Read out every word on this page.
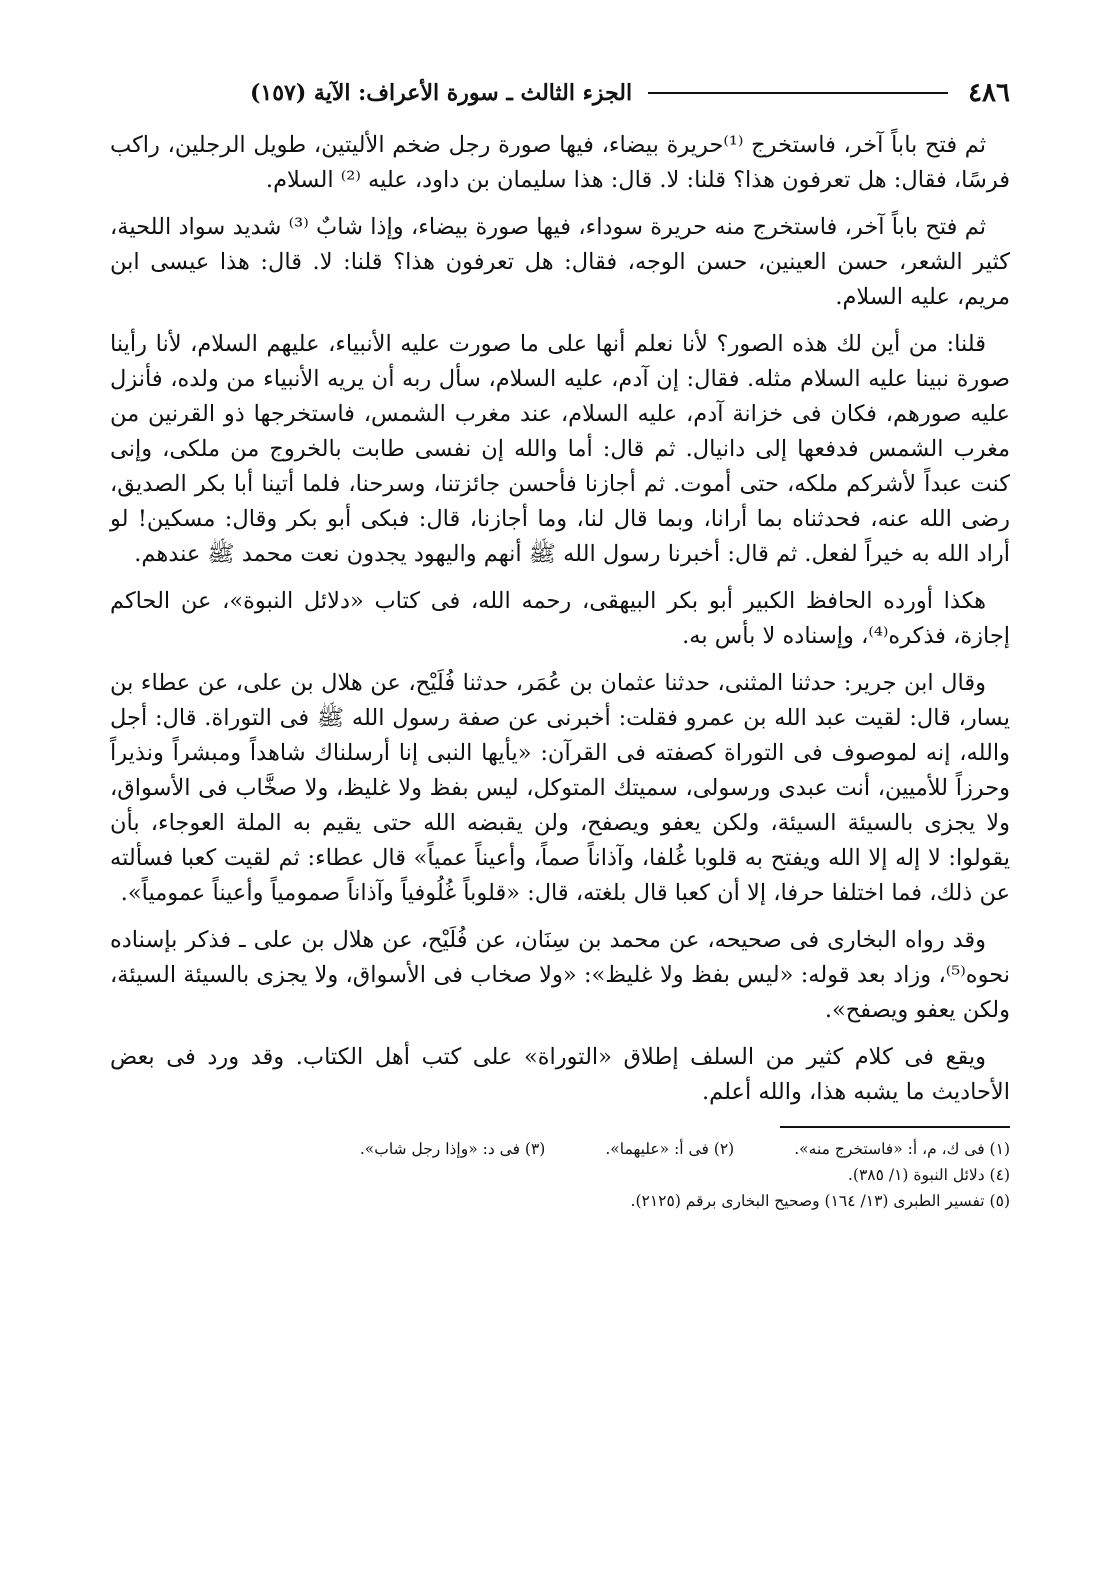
٤٨٦
الجزء الثالث ـ سورة الأعراف: الآية (١٥٧)

ثم فتح باباً آخر، فاستخرج ⁽¹⁾حريرة بيضاء، فيها صورة رجل ضخم الأليتين، طويل الرجلين، راكب فرسًا، فقال: هل تعرفون هذا؟ قلنا: لا. قال: هذا سليمان بن داود، عليه ⁽²⁾ السلام.

ثم فتح باباً آخر، فاستخرج منه حريرة سوداء، فيها صورة بيضاء، وإذا شابٌ ⁽³⁾ شديد سواد اللحية، كثير الشعر، حسن العينين، حسن الوجه، فقال: هل تعرفون هذا؟ قلنا: لا. قال: هذا عيسى ابن مريم، عليه السلام.

قلنا: من أين لك هذه الصور؟ لأنا نعلم أنها على ما صورت عليه الأنبياء، عليهم السلام، لأنا رأينا صورة نبينا عليه السلام مثله. فقال: إن آدم، عليه السلام، سأل ربه أن يريه الأنبياء من ولده، فأنزل عليه صورهم، فكان فى خزانة آدم، عليه السلام، عند مغرب الشمس، فاستخرجها ذو القرنين من مغرب الشمس فدفعها إلى دانيال. ثم قال: أما والله إن نفسى طابت بالخروج من ملكى، وإنى كنت عبداً لأشركم ملكه، حتى أموت. ثم أجازنا فأحسن جائزتنا، وسرحنا، فلما أتينا أبا بكر الصديق، رضى الله عنه، فحدثناه بما أرانا، وبما قال لنا، وما أجازنا، قال: فبكى أبو بكر وقال: مسكين! لو أراد الله به خيراً لفعل. ثم قال: أخبرنا رسول الله ﷺ أنهم واليهود يجدون نعت محمد ﷺ عندهم.

هكذا أورده الحافظ الكبير أبو بكر البيهقى، رحمه الله، فى كتاب «دلائل النبوة»، عن الحاكم إجازة، فذكره⁽⁴⁾، وإسناده لا بأس به.

وقال ابن جرير: حدثنا المثنى، حدثنا عثمان بن عُمَر، حدثنا فُلَيْح، عن هلال بن على، عن عطاء بن يسار، قال: لقيت عبد الله بن عمرو فقلت: أخبرنى عن صفة رسول الله ﷺ فى التوراة. قال: أجل والله، إنه لموصوف فى التوراة كصفته فى القرآن: «يأيها النبى إنا أرسلناك شاهداً ومبشراً ونذيراً وحرزاً للأميين، أنت عبدى ورسولى، سميتك المتوكل، ليس بفظ ولا غليظ، ولا صخَّاب فى الأسواق، ولا يجزى بالسيئة السيئة، ولكن يعفو ويصفح، ولن يقبضه الله حتى يقيم به الملة العوجاء، بأن يقولوا: لا إله إلا الله ويفتح به قلوبا غُلفا، وآذاناً صماً، وأعيناً عمياً» قال عطاء: ثم لقيت كعبا فسألته عن ذلك، فما اختلفا حرفا، إلا أن كعبا قال بلغته، قال: «قلوباً غُلُوفياً وآذاناً صمومياً وأعيناً عمومياً».

وقد رواه البخارى فى صحيحه، عن محمد بن سِنَان، عن فُلَيْح، عن هلال بن على ـ فذكر بإسناده نحوه⁽⁵⁾، وزاد بعد قوله: «ليس بفظ ولا غليظ»: «ولا صخاب فى الأسواق، ولا يجزى بالسيئة السيئة، ولكن يعفو ويصفح».

ويقع فى كلام كثير من السلف إطلاق «التوراة» على كتب أهل الكتاب. وقد ورد فى بعض الأحاديث ما يشبه هذا، والله أعلم.

(١) فى ك، م، أ: «فاستخرج منه».
(٢) فى أ: «عليهما».
(٣) فى د: «وإذا رجل شاب».
(٤) دلائل النبوة (١/ ٣٨٥).
(٥) تفسير الطبرى (١٣/ ١٦٤) وصحيح البخارى برقم (٢١٢٥).
